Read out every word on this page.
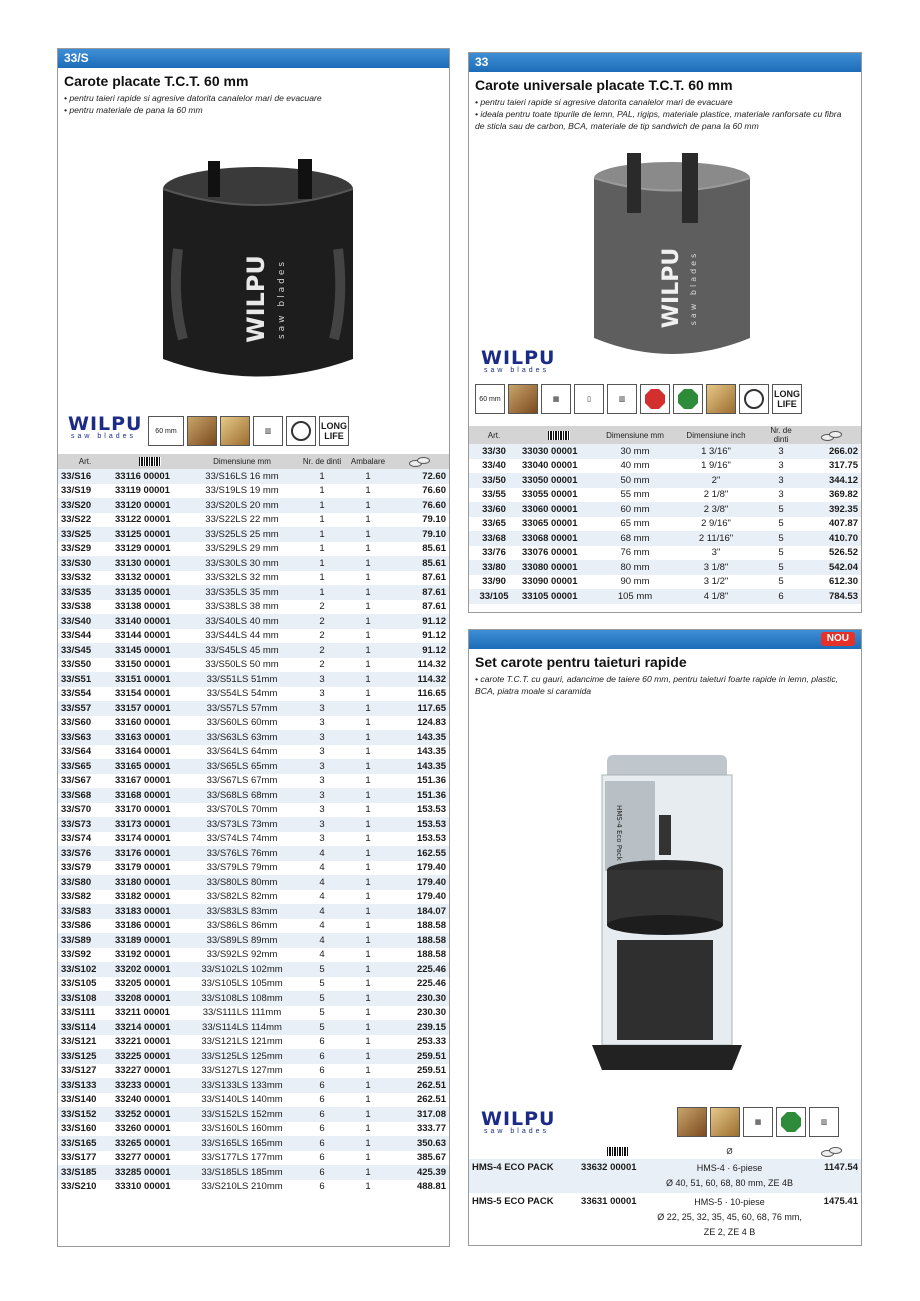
33/S
Carote placate T.C.T. 60 mm
• pentru taieri rapide si agresive datorita canalelor mari de evacuare
• pentru materiale de pana la 60 mm
WILPU saw blades
WILPU
saw blades
60 mm	▥
LONG LIFE
Art.		Dimensiune mm	Nr. de dinti	Ambalare	
33/S16	33116 00001	33/S16LS 16 mm	1	1	72.60
33/S19	33119 00001	33/S19LS 19 mm	1	1	76.60
33/S20	33120 00001	33/S20LS 20 mm	1	1	76.60
33/S22	33122 00001	33/S22LS 22 mm	1	1	79.10
33/S25	33125 00001	33/S25LS 25 mm	1	1	79.10
33/S29	33129 00001	33/S29LS 29 mm	1	1	85.61
33/S30	33130 00001	33/S30LS 30 mm	1	1	85.61
33/S32	33132 00001	33/S32LS 32 mm	1	1	87.61
33/S35	33135 00001	33/S35LS 35 mm	1	1	87.61
33/S38	33138 00001	33/S38LS 38 mm	2	1	87.61
33/S40	33140 00001	33/S40LS 40 mm	2	1	91.12
33/S44	33144 00001	33/S44LS 44 mm	2	1	91.12
33/S45	33145 00001	33/S45LS 45 mm	2	1	91.12
33/S50	33150 00001	33/S50LS 50 mm	2	1	114.32
33/S51	33151 00001	33/S51LS 51mm	3	1	114.32
33/S54	33154 00001	33/S54LS 54mm	3	1	116.65
33/S57	33157 00001	33/S57LS 57mm	3	1	117.65
33/S60	33160 00001	33/S60LS 60mm	3	1	124.83
33/S63	33163 00001	33/S63LS 63mm	3	1	143.35
33/S64	33164 00001	33/S64LS 64mm	3	1	143.35
33/S65	33165 00001	33/S65LS 65mm	3	1	143.35
33/S67	33167 00001	33/S67LS 67mm	3	1	151.36
33/S68	33168 00001	33/S68LS 68mm	3	1	151.36
33/S70	33170 00001	33/S70LS 70mm	3	1	153.53
33/S73	33173 00001	33/S73LS 73mm	3	1	153.53
33/S74	33174 00001	33/S74LS 74mm	3	1	153.53
33/S76	33176 00001	33/S76LS 76mm	4	1	162.55
33/S79	33179 00001	33/S79LS 79mm	4	1	179.40
33/S80	33180 00001	33/S80LS 80mm	4	1	179.40
33/S82	33182 00001	33/S82LS 82mm	4	1	179.40
33/S83	33183 00001	33/S83LS 83mm	4	1	184.07
33/S86	33186 00001	33/S86LS 86mm	4	1	188.58
33/S89	33189 00001	33/S89LS 89mm	4	1	188.58
33/S92	33192 00001	33/S92LS 92mm	4	1	188.58
33/S102	33202 00001	33/S102LS 102mm	5	1	225.46
33/S105	33205 00001	33/S105LS 105mm	5	1	225.46
33/S108	33208 00001	33/S108LS 108mm	5	1	230.30
33/S111	33211 00001	33/S111LS 111mm	5	1	230.30
33/S114	33214 00001	33/S114LS 114mm	5	1	239.15
33/S121	33221 00001	33/S121LS 121mm	6	1	253.33
33/S125	33225 00001	33/S125LS 125mm	6	1	259.51
33/S127	33227 00001	33/S127LS 127mm	6	1	259.51
33/S133	33233 00001	33/S133LS 133mm	6	1	262.51
33/S140	33240 00001	33/S140LS 140mm	6	1	262.51
33/S152	33252 00001	33/S152LS 152mm	6	1	317.08
33/S160	33260 00001	33/S160LS 160mm	6	1	333.77
33/S165	33265 00001	33/S165LS 165mm	6	1	350.63
33/S177	33277 00001	33/S177LS 177mm	6	1	385.67
33/S185	33285 00001	33/S185LS 185mm	6	1	425.39
33/S210	33310 00001	33/S210LS 210mm	6	1	488.81
33
Carote universale placate T.C.T. 60 mm
• pentru taieri rapide si agresive datorita canalelor mari de evacuare
• ideala pentru toate tipurile de lemn, PAL, rigips, materiale plastice, materiale ranforsate cu fibra de sticla sau de carbon, BCA, materiale de tip sandwich de pana la 60 mm
WILPU saw blades
WILPU
saw blades
60 mm	▦	▯	▥
LONG LIFE
Art.		Dimensiune mm	Dimensiune inch	Nr. de dinti	
33/30	33030 00001	30 mm	1 3/16"	3	266.02
33/40	33040 00001	40 mm	1 9/16"	3	317.75
33/50	33050 00001	50 mm	2"	3	344.12
33/55	33055 00001	55 mm	2 1/8"	3	369.82
33/60	33060 00001	60 mm	2 3/8"	5	392.35
33/65	33065 00001	65 mm	2 9/16"	5	407.87
33/68	33068 00001	68 mm	2 11/16"	5	410.70
33/76	33076 00001	76 mm	3"	5	526.52
33/80	33080 00001	80 mm	3 1/8"	5	542.04
33/90	33090 00001	90 mm	3 1/2"	5	612.30
33/105	33105 00001	105 mm	4 1/8"	6	784.53
NOU
Set carote pentru taieturi rapide
• carote T.C.T. cu gauri, adancime de taiere 60 mm, pentru taieturi foarte rapide in lemn, plastic, BCA, piatra moale si caramida
HMS-4 Eco Pack
WILPU
saw blades
▦	▥
		Ø	
HMS-4 ECO PACK	33632 00001	HMS-4 · 6-piese
Ø 40, 51, 60, 68, 80 mm, ZE 4B	1147.54
HMS-5 ECO PACK	33631 00001	HMS-5 · 10-piese
Ø 22, 25, 32, 35, 45, 60, 68, 76 mm,
ZE 2, ZE 4 B	1475.41
